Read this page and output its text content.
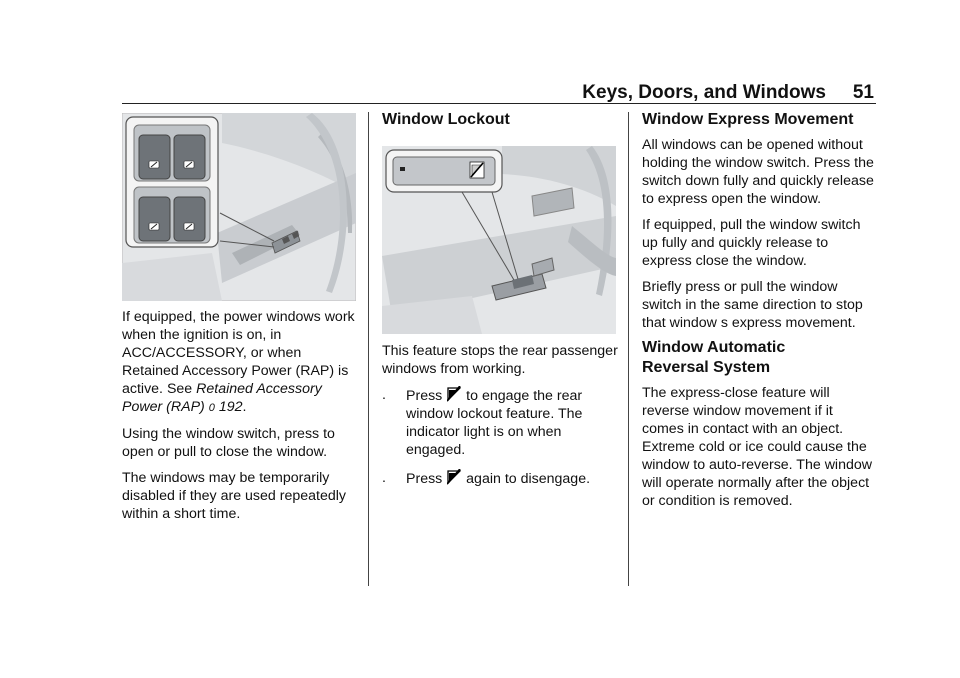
Keys, Doors, and Windows 51

If equipped, the power windows work when the ignition is on, in ACC/ACCESSORY, or when Retained Accessory Power (RAP) is active. See Retained Accessory Power (RAP) 0 192.

Using the window switch, press to open or pull to close the window.

The windows may be temporarily disabled if they are used repeatedly within a short time.

Window Lockout

This feature stops the rear passenger windows from working.

. Press to engage the rear window lockout feature. The indicator light is on when engaged.
. Press again to disengage.
Window Express Movement

All windows can be opened without holding the window switch. Press the switch down fully and quickly release to express open the window.

If equipped, pull the window switch up fully and quickly release to express close the window.

Briefly press or pull the window switch in the same direction to stop that window s express movement.

Window Automatic Reversal System

The express-close feature will reverse window movement if it comes in contact with an object. Extreme cold or ice could cause the window to auto-reverse. The window will operate normally after the object or condition is removed.
